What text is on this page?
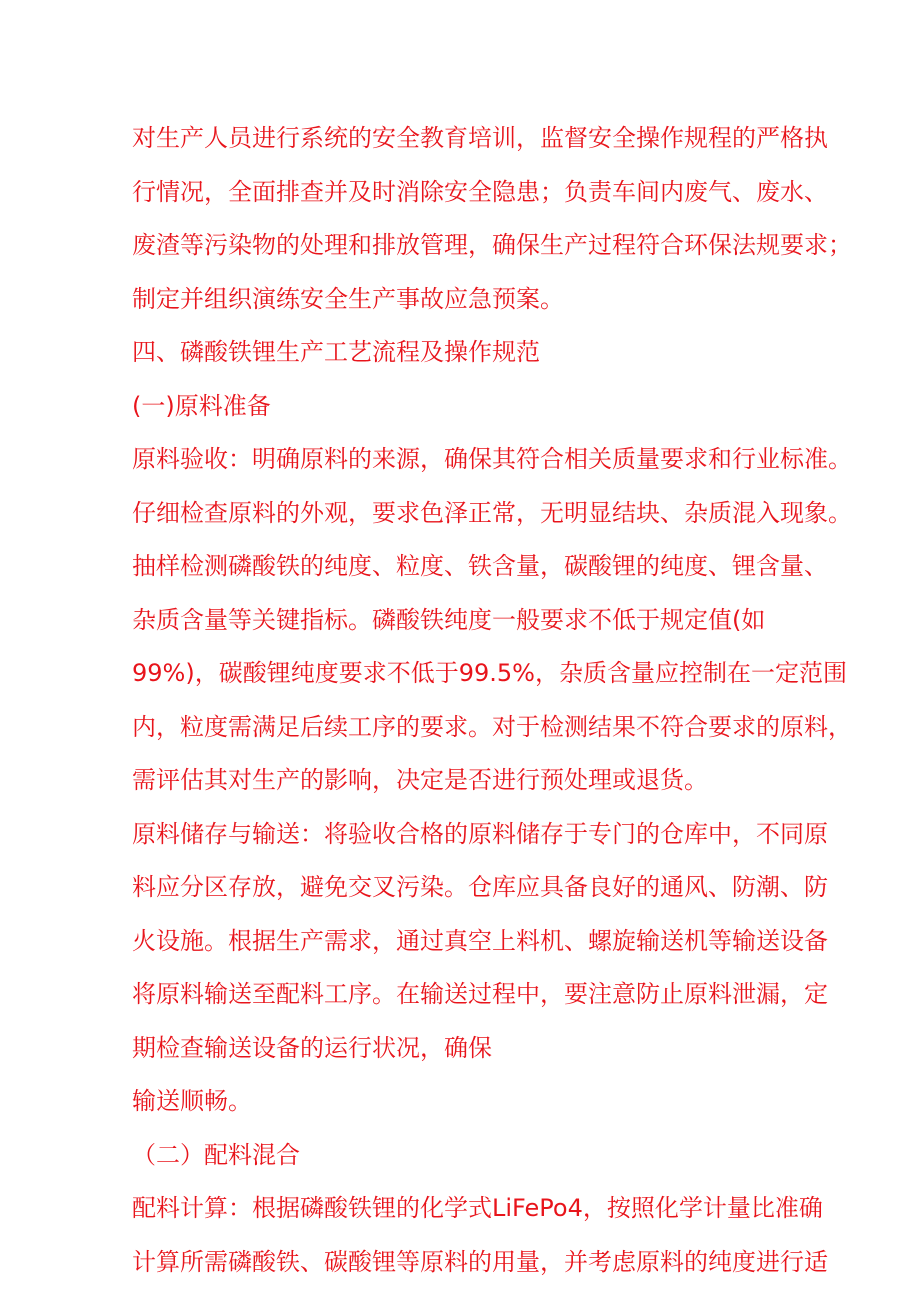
对生产人员进行系统的安全教育培训，监督安全操作规程的严格执
行情况，全面排查并及时消除安全隐患；负责车间内废气、废水、
废渣等污染物的处理和排放管理，确保生产过程符合环保法规要求；
制定并组织演练安全生产事故应急预案。
四、磷酸铁锂生产工艺流程及操作规范
(一)原料准备
原料验收：明确原料的来源，确保其符合相关质量要求和行业标准。
仔细检查原料的外观，要求色泽正常，无明显结块、杂质混入现象。
抽样检测磷酸铁的纯度、粒度、铁含量，碳酸锂的纯度、锂含量、
杂质含量等关键指标。磷酸铁纯度一般要求不低于规定值(如
99%)，碳酸锂纯度要求不低于99.5%，杂质含量应控制在一定范围
内，粒度需满足后续工序的要求。对于检测结果不符合要求的原料，
需评估其对生产的影响，决定是否进行预处理或退货。
原料储存与输送：将验收合格的原料储存于专门的仓库中，不同原
料应分区存放，避免交叉污染。仓库应具备良好的通风、防潮、防
火设施。根据生产需求，通过真空上料机、螺旋输送机等输送设备
将原料输送至配料工序。在输送过程中，要注意防止原料泄漏，定
期检查输送设备的运行状况，确保
输送顺畅。
（二）配料混合
配料计算：根据磷酸铁锂的化学式LiFePo4，按照化学计量比准确
计算所需磷酸铁、碳酸锂等原料的用量，并考虑原料的纯度进行适
